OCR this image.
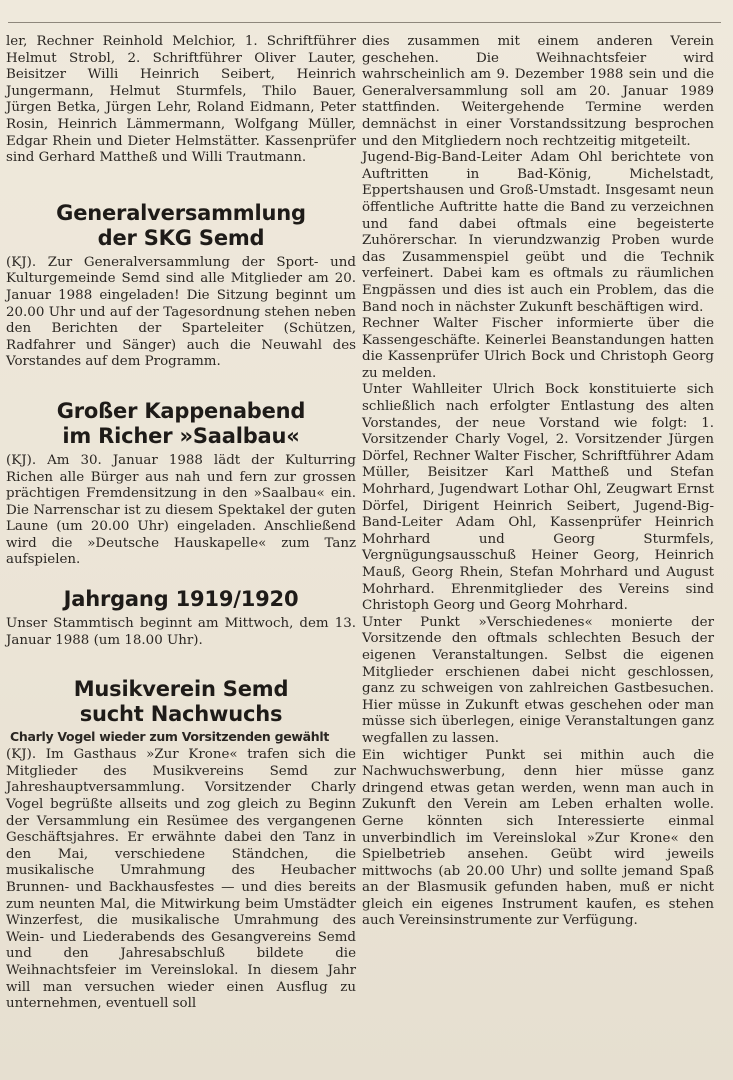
ler, Rechner Reinhold Melchior, 1. Schriftführer Helmut Strobl, 2. Schriftführer Oliver Lauter, Beisitzer Willi Heinrich Seibert, Heinrich Jungermann, Helmut Sturmfels, Thilo Bauer, Jürgen Betka, Jürgen Lehr, Roland Eidmann, Peter Rosin, Heinrich Lämmermann, Wolfgang Müller, Edgar Rhein und Dieter Helmstätter. Kassenprüfer sind Gerhard Mattheß und Willi Trautmann.

Generalversammlung
der SKG Semd

(KJ). Zur Generalversammlung der Sport- und Kulturgemeinde Semd sind alle Mitglieder am 20. Januar 1988 eingeladen! Die Sitzung beginnt um 20.00 Uhr und auf der Tagesordnung stehen neben den Berichten der Sparteleiter (Schützen, Radfahrer und Sänger) auch die Neuwahl des Vorstandes auf dem Programm.

Großer Kappenabend
im Richer »Saalbau«

(KJ). Am 30. Januar 1988 lädt der Kulturring Richen alle Bürger aus nah und fern zur grossen prächtigen Fremdensitzung in den »Saalbau« ein. Die Narrenschar ist zu diesem Spektakel der guten Laune (um 20.00 Uhr) eingeladen. Anschließend wird die »Deutsche Hauskapelle« zum Tanz aufspielen.

Jahrgang 1919/1920

Unser Stammtisch beginnt am Mittwoch, dem 13. Januar 1988 (um 18.00 Uhr).

Musikverein Semd
sucht Nachwuchs
Charly Vogel wieder zum Vorsitzenden gewählt

(KJ). Im Gasthaus »Zur Krone« trafen sich die Mitglieder des Musikvereins Semd zur Jahreshauptversammlung. Vorsitzender Charly Vogel begrüßte allseits und zog gleich zu Beginn der Versammlung ein Resümee des vergangenen Geschäftsjahres. Er erwähnte dabei den Tanz in den Mai, verschiedene Ständchen, die musikalische Umrahmung des Heubacher Brunnen- und Backhausfestes — und dies bereits zum neunten Mal, die Mitwirkung beim Umstädter Winzerfest, die musikalische Umrahmung des Wein- und Liederabends des Gesangvereins Semd und den Jahresabschluß bildete die Weihnachtsfeier im Vereinslokal. In diesem Jahr will man versuchen wieder einen Ausflug zu unternehmen, eventuell soll

dies zusammen mit einem anderen Verein geschehen. Die Weihnachtsfeier wird wahrscheinlich am 9. Dezember 1988 sein und die Generalversammlung soll am 20. Januar 1989 stattfinden. Weitergehende Termine werden demnächst in einer Vorstandssitzung besprochen und den Mitgliedern noch rechtzeitig mitgeteilt.

Jugend-Big-Band-Leiter Adam Ohl berichtete von Auftritten in Bad-König, Michelstadt, Eppertshausen und Groß-Umstadt. Insgesamt neun öffentliche Auftritte hatte die Band zu verzeichnen und fand dabei oftmals eine begeisterte Zuhörerschar. In vierundzwanzig Proben wurde das Zusammenspiel geübt und die Technik verfeinert. Dabei kam es oftmals zu räumlichen Engpässen und dies ist auch ein Problem, das die Band noch in nächster Zukunft beschäftigen wird.

Rechner Walter Fischer informierte über die Kassengeschäfte. Keinerlei Beanstandungen hatten die Kassenprüfer Ulrich Bock und Christoph Georg zu melden.

Unter Wahlleiter Ulrich Bock konstituierte sich schließlich nach erfolgter Entlastung des alten Vorstandes, der neue Vorstand wie folgt: 1. Vorsitzender Charly Vogel, 2. Vorsitzender Jürgen Dörfel, Rechner Walter Fischer, Schriftführer Adam Müller, Beisitzer Karl Mattheß und Stefan Mohrhard, Jugendwart Lothar Ohl, Zeugwart Ernst Dörfel, Dirigent Heinrich Seibert, Jugend-Big-Band-Leiter Adam Ohl, Kassenprüfer Heinrich Mohrhard und Georg Sturmfels, Vergnügungsausschuß Heiner Georg, Heinrich Mauß, Georg Rhein, Stefan Mohrhard und August Mohrhard. Ehrenmitglieder des Vereins sind Christoph Georg und Georg Mohrhard.

Unter Punkt »Verschiedenes« monierte der Vorsitzende den oftmals schlechten Besuch der eigenen Veranstaltungen. Selbst die eigenen Mitglieder erschienen dabei nicht geschlossen, ganz zu schweigen von zahlreichen Gastbesuchen. Hier müsse in Zukunft etwas geschehen oder man müsse sich überlegen, einige Veranstaltungen ganz wegfallen zu lassen.

Ein wichtiger Punkt sei mithin auch die Nachwuchswerbung, denn hier müsse ganz dringend etwas getan werden, wenn man auch in Zukunft den Verein am Leben erhalten wolle. Gerne könnten sich Interessierte einmal unverbindlich im Vereinslokal »Zur Krone« den Spielbetrieb ansehen. Geübt wird jeweils mittwochs (ab 20.00 Uhr) und sollte jemand Spaß an der Blasmusik gefunden haben, muß er nicht gleich ein eigenes Instrument kaufen, es stehen auch Vereinsinstrumente zur Verfügung.
